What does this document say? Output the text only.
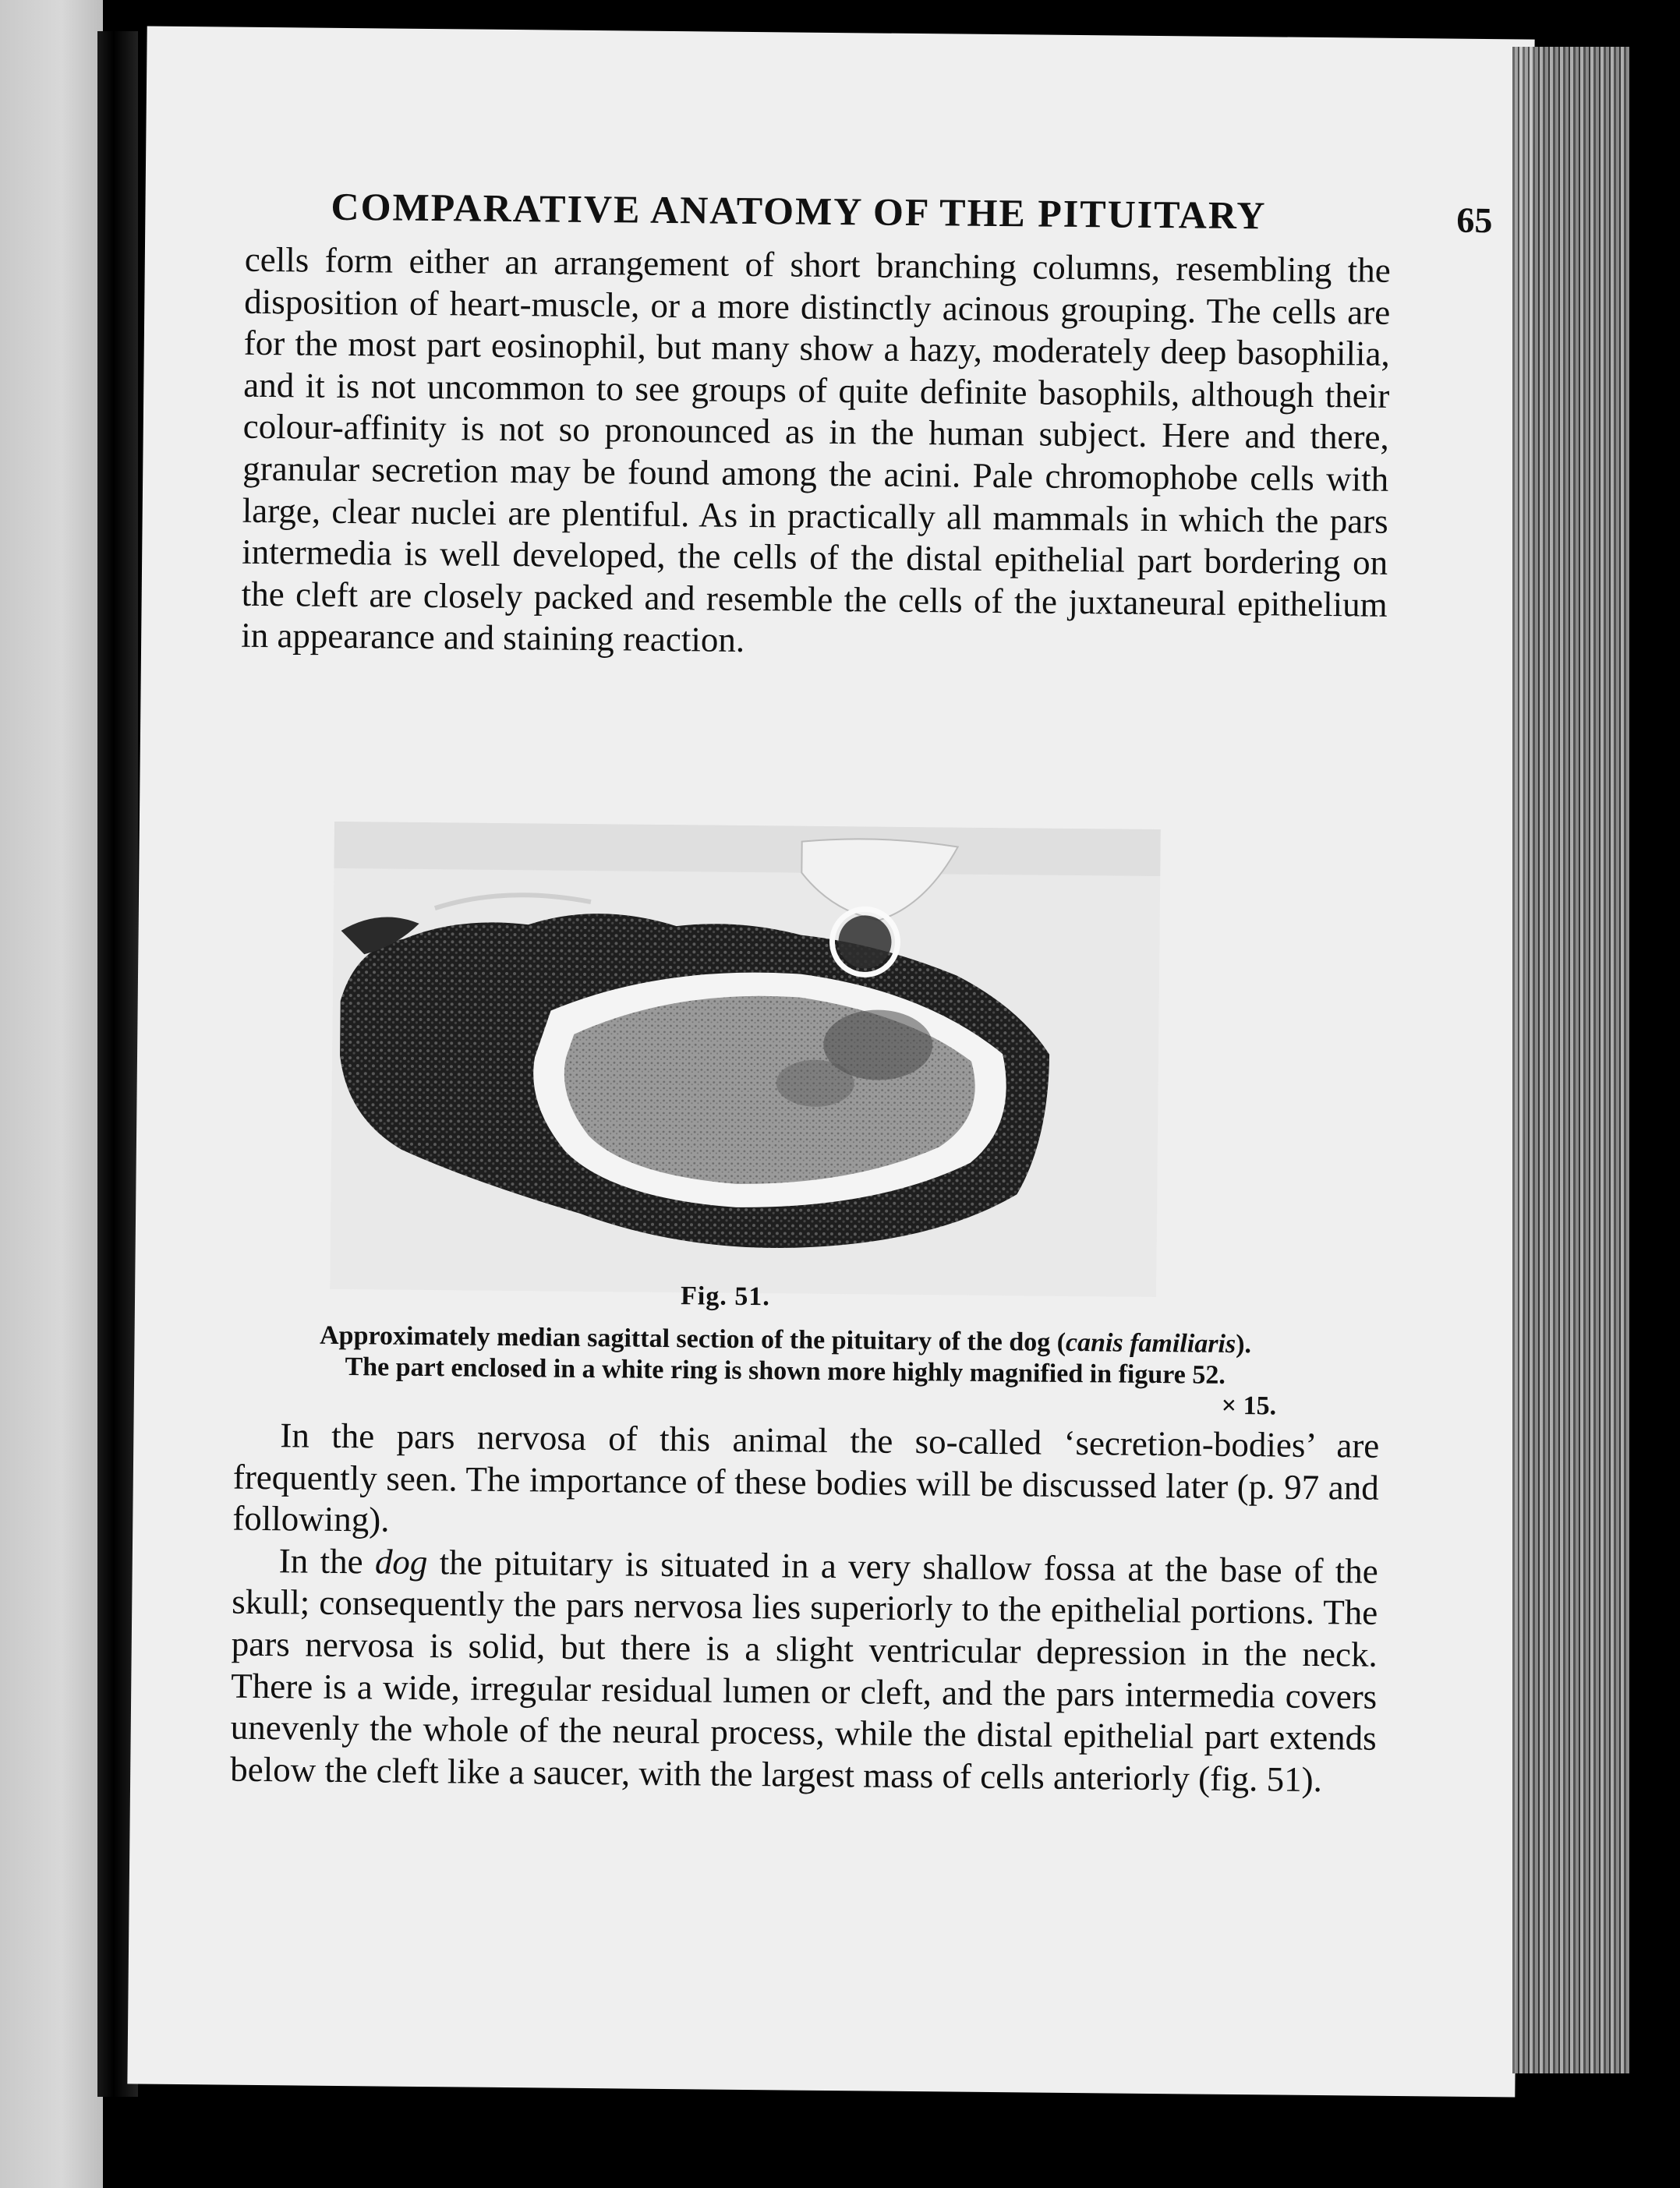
COMPARATIVE ANATOMY OF THE PITUITARY	65

cells form either an arrangement of short branching columns, resembling the disposition of heart-muscle, or a more distinctly acinous grouping. The cells are for the most part eosinophil, but many show a hazy, moderately deep basophilia, and it is not uncommon to see groups of quite definite basophils, although their colour-affinity is not so pronounced as in the human subject. Here and there, granular secretion may be found among the acini. Pale chromophobe cells with large, clear nuclei are plentiful. As in practically all mammals in which the pars intermedia is well developed, the cells of the distal epithelial part bordering on the cleft are closely packed and resemble the cells of the juxtaneural epithelium in appearance and staining reaction.

Fig. 51.
Approximately median sagittal section of the pituitary of the dog (canis familiaris).
The part enclosed in a white ring is shown more highly magnified in figure 52.
× 15.

In the pars nervosa of this animal the so-called ‘secretion-bodies’ are frequently seen. The importance of these bodies will be discussed later (p. 97 and following).

In the dog the pituitary is situated in a very shallow fossa at the base of the skull; consequently the pars nervosa lies superiorly to the epithelial portions. The pars nervosa is solid, but there is a slight ventricular depression in the neck. There is a wide, irregular residual lumen or cleft, and the pars intermedia covers unevenly the whole of the neural process, while the distal epithelial part extends below the cleft like a saucer, with the largest mass of cells anteriorly (fig. 51).
